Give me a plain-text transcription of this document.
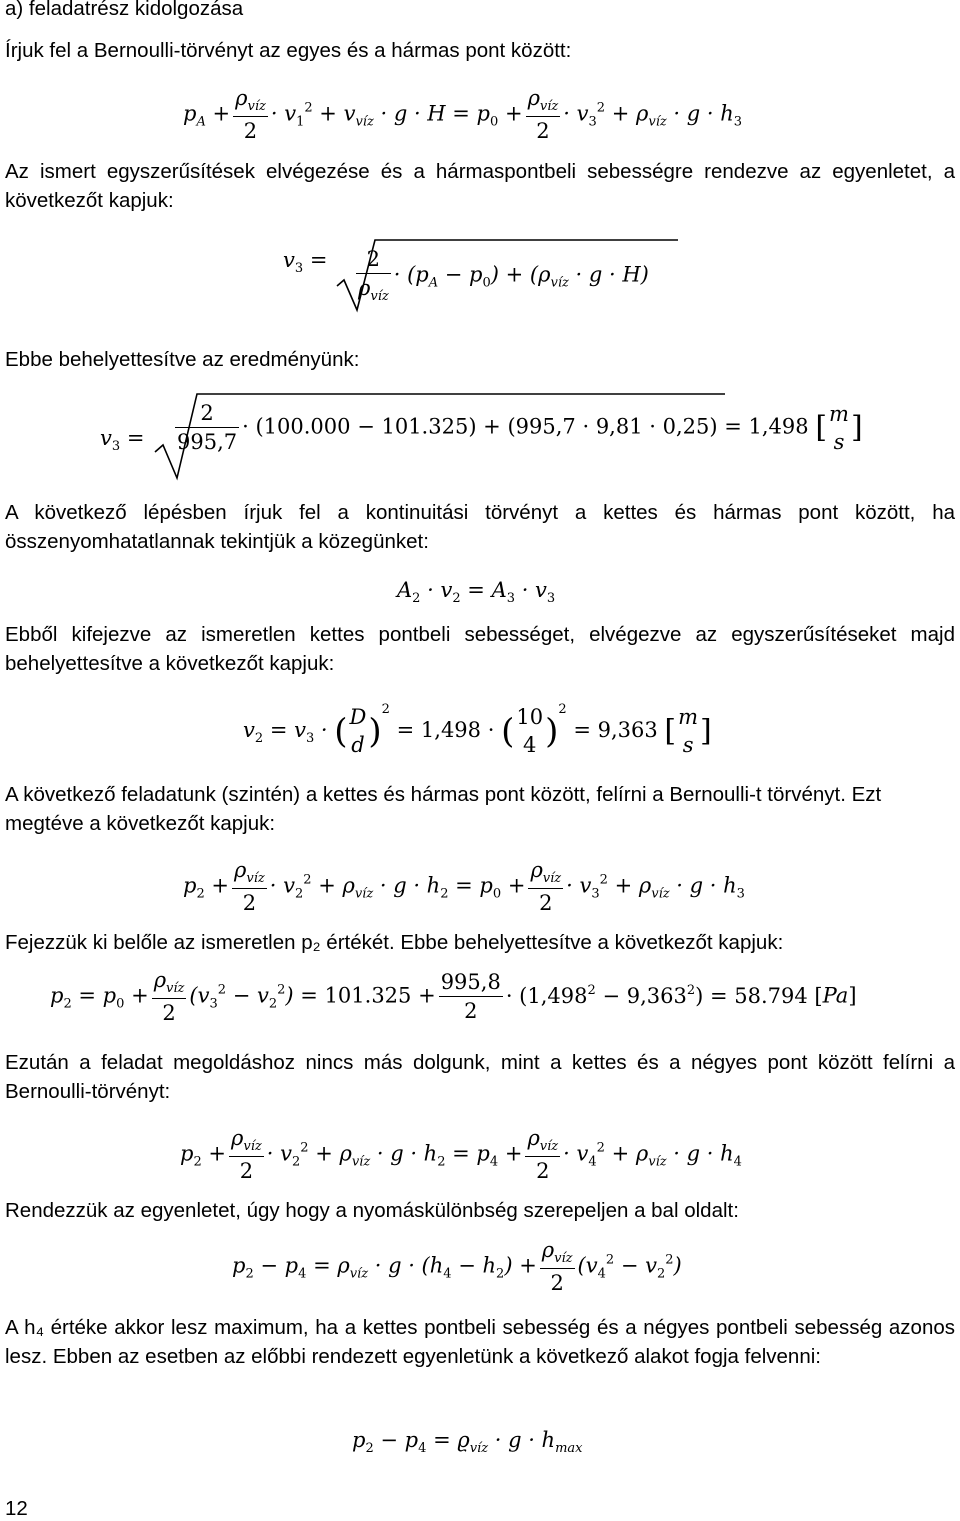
a) feladatrész kidolgozása

Írjuk fel a Bernoulli-törvényt az egyes és a hármas pont között:

$p_A + \frac{\rho_{víz}}{2} \cdot v_1^2 + v_{víz} \cdot g \cdot H = p_0 + \frac{\rho_{víz}}{2} \cdot v_3^2 + \rho_{víz} \cdot g \cdot h_3$

Az ismert egyszerűsítések elvégezése és a hármaspontbeli sebességre rendezve az egyenletet, a következőt kapjuk:

$v_3 = \frac{2}{\rho_{víz}} \cdot (p_A - p_0) + (\rho_{víz} \cdot g \cdot H)$

Ebbe behelyettesítve az eredményünk:

$v_3 = \frac{2}{995,7} \cdot (100.000 - 101.325) + (995,7 \cdot 9,81 \cdot 0,25) = 1,498$ [ m
s ]

A következő lépésben írjuk fel a kontinuitási törvényt a kettes és hármas pont között, ha összenyomhatatlannak tekintjük a közegünket:

$A_2 \cdot v_2 = A_3 \cdot v_3$

Ebből kifejezve az ismeretlen kettes pontbeli sebességet, elvégezve az egyszerűsítéseket majd behelyettesítve a következőt kapjuk:

$v_2 = v_3$ · ( D
d )$^2$ = 1,498 · ( 10
4 )$^2$ = 9,363 [ m
s ]

A következő feladatunk (szintén) a kettes és hármas pont között, felírni a Bernoulli-t törvényt. Ezt megtéve a következőt kapjuk:

$p_2 + \frac{\rho_{víz}}{2} \cdot v_2^2 + \rho_{víz} \cdot g \cdot h_2 = p_0 + \frac{\rho_{víz}}{2} \cdot v_3^2 + \rho_{víz} \cdot g \cdot h_3$

Fejezzük ki belőle az ismeretlen p₂ értékét. Ebbe behelyettesítve a következőt kapjuk:

$p_2 = p_0 + \frac{\rho_{víz}}{2} (v_3^2 - v_2^2) = 101.325 + \frac{995,8}{2} \cdot (1,498^2 - 9,363^2) = 58.794$ [Pa]

Ezután a feladat megoldáshoz nincs más dolgunk, mint a kettes és a négyes pont között felírni a Bernoulli-törvényt:

$p_2 + \frac{\rho_{víz}}{2} \cdot v_2^2 + \rho_{víz} \cdot g \cdot h_2 = p_4 + \frac{\rho_{víz}}{2} \cdot v_4^2 + \rho_{víz} \cdot g \cdot h_4$

Rendezzük az egyenletet, úgy hogy a nyomáskülönbség szerepeljen a bal oldalt:

$p_2 - p_4 = \rho_{víz} \cdot g \cdot (h_4 - h_2) + \frac{\rho_{víz}}{2} (v_4^2 - v_2^2)$

A h₄ értéke akkor lesz maximum, ha a kettes pontbeli sebesség és a négyes pontbeli sebesség azonos lesz. Ebben az esetben az előbbi rendezett egyenletünk a következő alakot fogja felvenni:

$p_2 - p_4 = ϱ_{víz} \cdot g \cdot h_{max}$
12
